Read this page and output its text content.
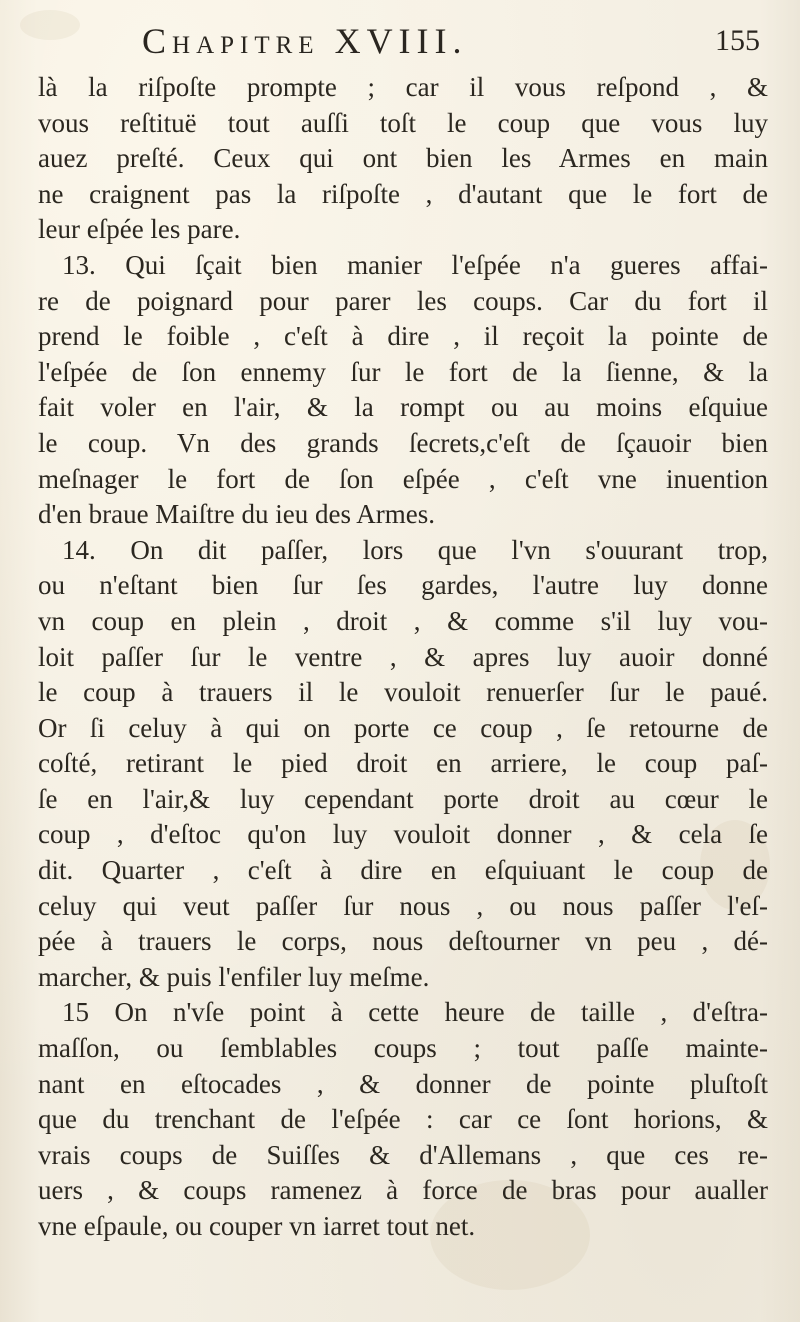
Chapitre XVIII.	155
là la riſpoſte prompte ; car il vous reſpond , &
vous reſtituë tout auſſi toſt le coup que vous luy
auez preſté. Ceux qui ont bien les Armes en main
ne craignent pas la riſpoſte , d'autant que le fort de
leur eſpée les pare.
13. Qui ſçait bien manier l'eſpée n'a gueres affai-
re de poignard pour parer les coups. Car du fort il
prend le foible , c'eſt à dire , il reçoit la pointe de
l'eſpée de ſon ennemy ſur le fort de la ſienne, & la
fait voler en l'air, & la rompt ou au moins eſquiue
le coup. Vn des grands ſecrets,c'eſt de ſçauoir bien
meſnager le fort de ſon eſpée , c'eſt vne inuention
d'en braue Maiſtre du ieu des Armes.
14. On dit paſſer, lors que l'vn s'ouurant trop,
ou n'eſtant bien ſur ſes gardes, l'autre luy donne
vn coup en plein , droit , & comme s'il luy vou-
loit paſſer ſur le ventre , & apres luy auoir donné
le coup à trauers il le vouloit renuerſer ſur le paué.
Or ſi celuy à qui on porte ce coup , ſe retourne de
coſté, retirant le pied droit en arriere, le coup paſ-
ſe en l'air,& luy cependant porte droit au cœur le
coup , d'eſtoc qu'on luy vouloit donner , & cela ſe
dit. Quarter , c'eſt à dire en eſquiuant le coup de
celuy qui veut paſſer ſur nous , ou nous paſſer l'eſ-
pée à trauers le corps, nous deſtourner vn peu , dé-
marcher, & puis l'enfiler luy meſme.
15 On n'vſe point à cette heure de taille , d'eſtra-
maſſon, ou ſemblables coups ; tout paſſe mainte-
nant en eſtocades , & donner de pointe pluſtoſt
que du trenchant de l'eſpée : car ce ſont horions, &
vrais coups de Suiſſes & d'Allemans , que ces re-
uers , & coups ramenez à force de bras pour aualler
vne eſpaule, ou couper vn iarret tout net.
